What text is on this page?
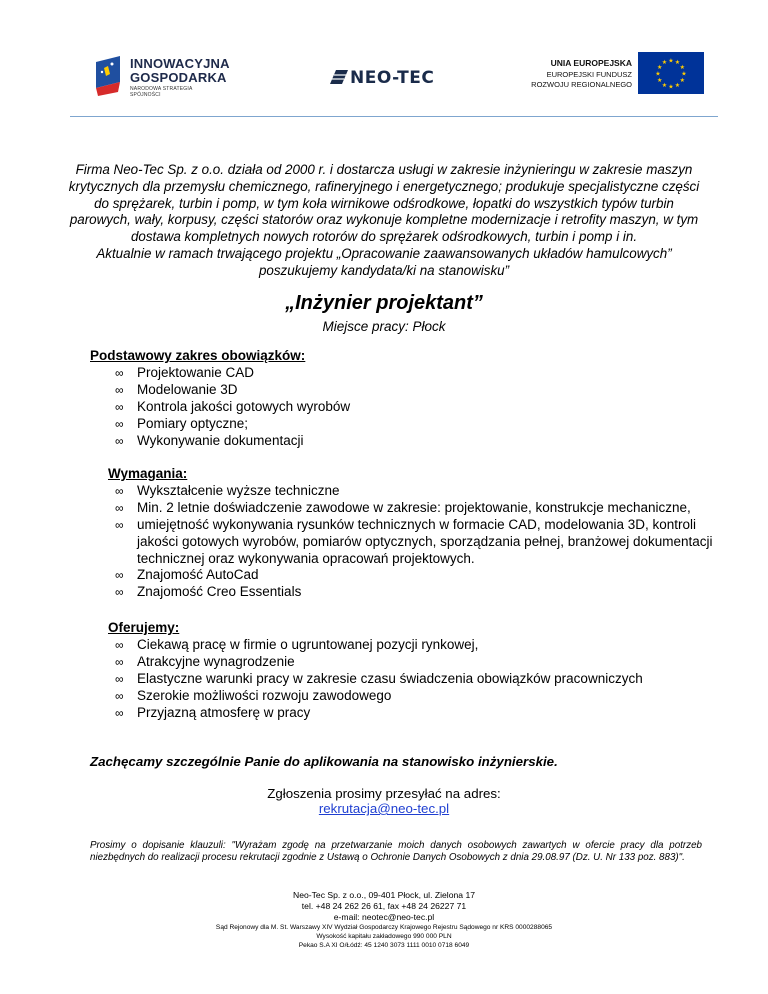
INNOWACYJNA
GOSPODARKA
NARODOWA STRATEGIA SPÓJNOŚCI
NEO-TEC
UNIA EUROPEJSKA
EUROPEJSKI FUNDUSZ
ROZWOJU REGIONALNEGO
★
★
★
★
★
★
★
★
★ ★ ★
★

Firma Neo-Tec Sp. z o.o. działa od 2000 r. i dostarcza usługi w zakresie inżynieringu w zakresie maszyn

krytycznych dla przemysłu chemicznego, rafineryjnego i energetycznego; produkuje specjalistyczne części

do sprężarek, turbin i pomp, w tym koła wirnikowe odśrodkowe, łopatki do wszystkich typów turbin

parowych, wały, korpusy, części statorów oraz wykonuje kompletne modernizacje i retrofity maszyn, w tym

dostawa kompletnych nowych rotorów do sprężarek odśrodkowych, turbin i pomp i in.

Aktualnie w ramach trwającego projektu „Opracowanie zaawansowanych układów hamulcowych”

poszukujemy kandydata/ki na stanowisku”

„Inżynier projektant”
Miejsce pracy: Płock
Podstawowy zakres obowiązków:
∞ Projektowanie CAD
∞ Modelowanie 3D
∞ Kontrola jakości gotowych wyrobów
∞ Pomiary optyczne;
∞ Wykonywanie dokumentacji
Wymagania:
∞ Wykształcenie wyższe techniczne
∞ Min. 2 letnie doświadczenie zawodowe w zakresie: projektowanie, konstrukcje mechaniczne,
∞ umiejętność wykonywania rysunków technicznych w formacie CAD, modelowania 3D, kontroli jakości gotowych wyrobów, pomiarów optycznych, sporządzania pełnej, branżowej dokumentacji technicznej oraz wykonywania opracowań projektowych.
∞ Znajomość AutoCad
∞ Znajomość Creo Essentials
Oferujemy:
∞ Ciekawą pracę w firmie o ugruntowanej pozycji rynkowej,
∞ Atrakcyjne wynagrodzenie
∞ Elastyczne warunki pracy w zakresie czasu świadczenia obowiązków pracowniczych
∞ Szerokie możliwości rozwoju zawodowego
∞ Przyjazną atmosferę w pracy
Zachęcamy szczególnie Panie do aplikowania na stanowisko inżynierskie.
Zgłoszenia prosimy przesyłać na adres:
rekrutacja@neo-tec.pl
Prosimy o dopisanie klauzuli: "Wyrażam zgodę na przetwarzanie moich danych osobowych zawartych w ofercie pracy dla potrzeb niezbędnych do realizacji procesu rekrutacji zgodnie z Ustawą o Ochronie Danych Osobowych z dnia 29.08.97 (Dz. U. Nr 133 poz. 883)".
Neo-Tec Sp. z o.o., 09-401 Płock, ul. Zielona 17
tel. +48 24 262 26 61, fax +48 24 26227 71
e-mail: neotec@neo-tec.pl
Sąd Rejonowy dla M. St. Warszawy XIV Wydział Gospodarczy Krajowego Rejestru Sądowego nr KRS 0000288065
Wysokość kapitału zakładowego 990 000 PLN
Pekao S.A XI O/Łódź: 45 1240 3073 1111 0010 0718 6049
